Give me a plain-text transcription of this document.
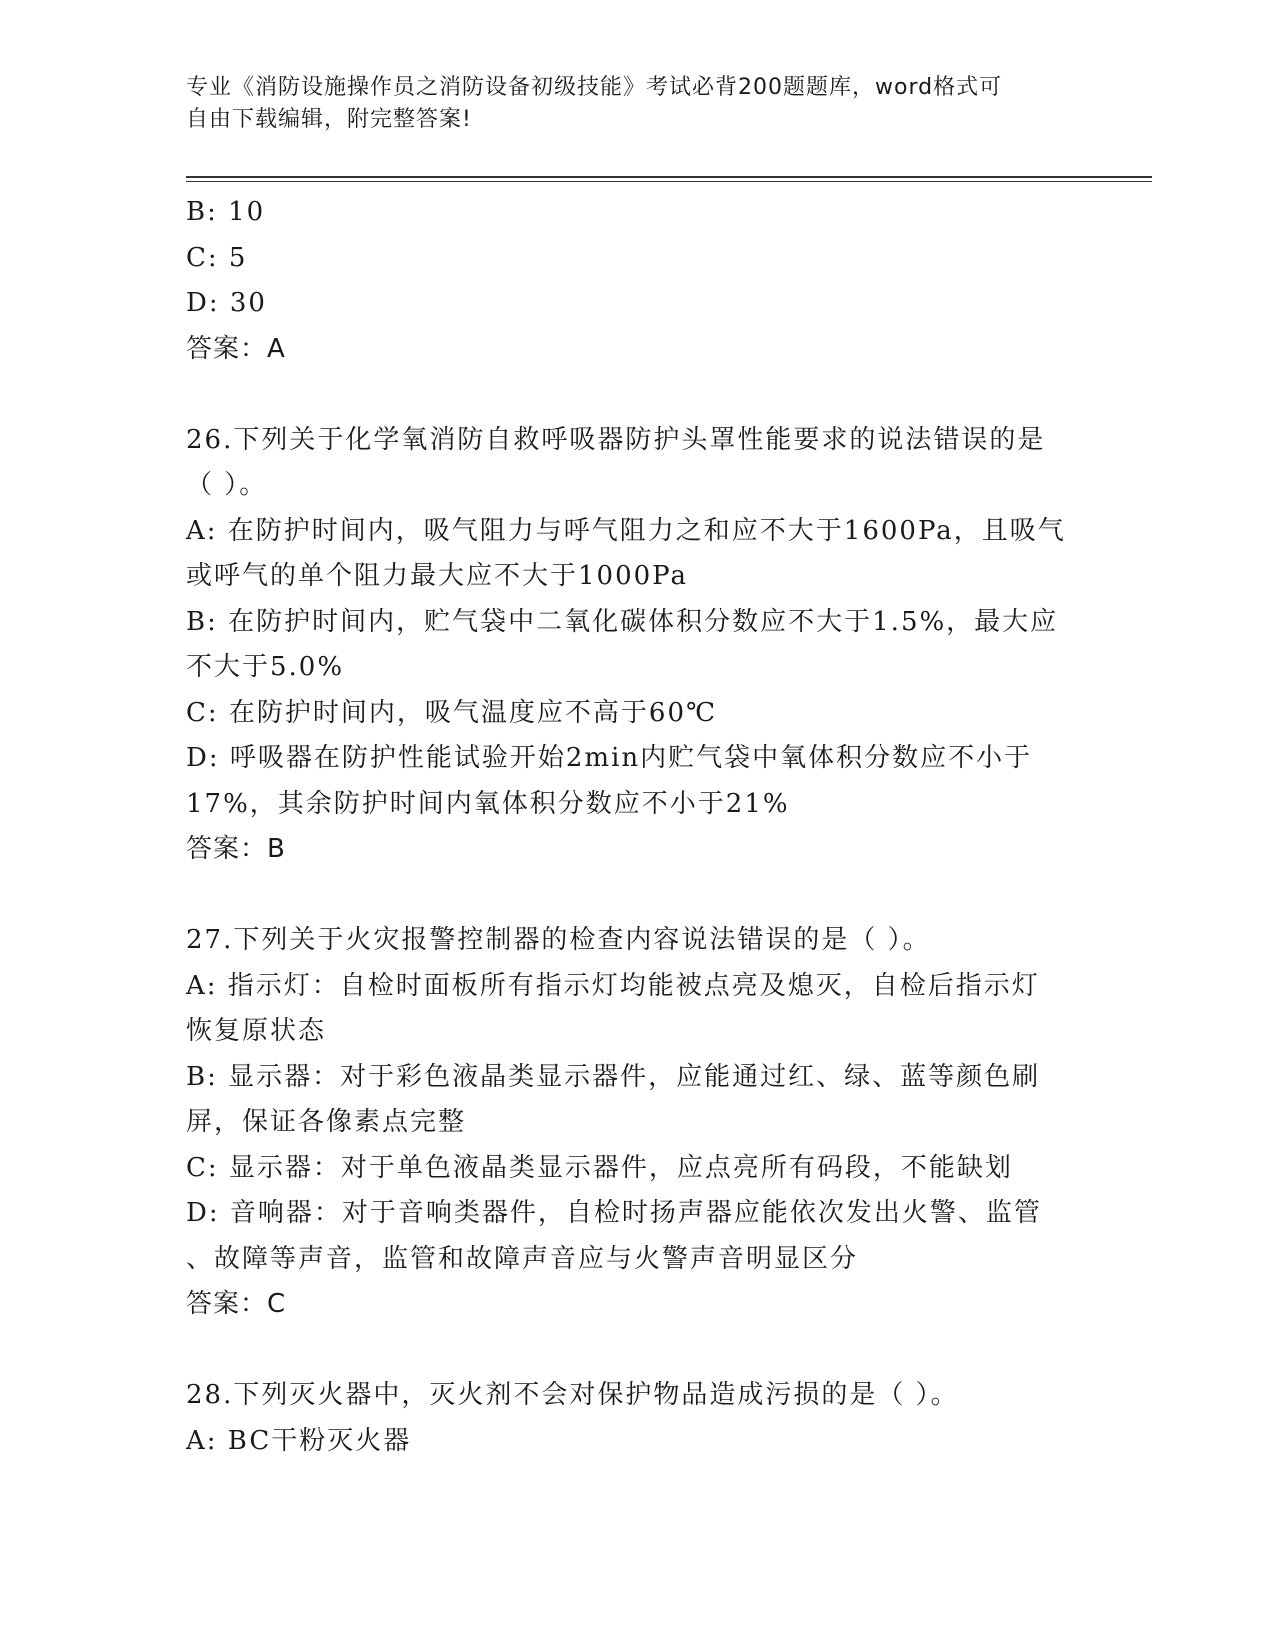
专业《消防设施操作员之消防设备初级技能》考试必背200题题库，word格式可
自由下载编辑，附完整答案!
B: 10
C: 5
D: 30
答案：A
26.下列关于化学氧消防自救呼吸器防护头罩性能要求的说法错误的是
（ ）。
A: 在防护时间内，吸气阻力与呼气阻力之和应不大于1600Pa，且吸气
或呼气的单个阻力最大应不大于1000Pa
B: 在防护时间内，贮气袋中二氧化碳体积分数应不大于1.5%，最大应
不大于5.0%
C: 在防护时间内，吸气温度应不高于60℃
D: 呼吸器在防护性能试验开始2min内贮气袋中氧体积分数应不小于
17%，其余防护时间内氧体积分数应不小于21%
答案：B
27.下列关于火灾报警控制器的检查内容说法错误的是（ ）。
A: 指示灯：自检时面板所有指示灯均能被点亮及熄灭，自检后指示灯
恢复原状态
B: 显示器：对于彩色液晶类显示器件，应能通过红、绿、蓝等颜色刷
屏，保证各像素点完整
C: 显示器：对于单色液晶类显示器件，应点亮所有码段，不能缺划
D: 音响器：对于音响类器件，自检时扬声器应能依次发出火警、监管
、故障等声音，监管和故障声音应与火警声音明显区分
答案：C
28.下列灭火器中，灭火剂不会对保护物品造成污损的是（ ）。
A: BC干粉灭火器
